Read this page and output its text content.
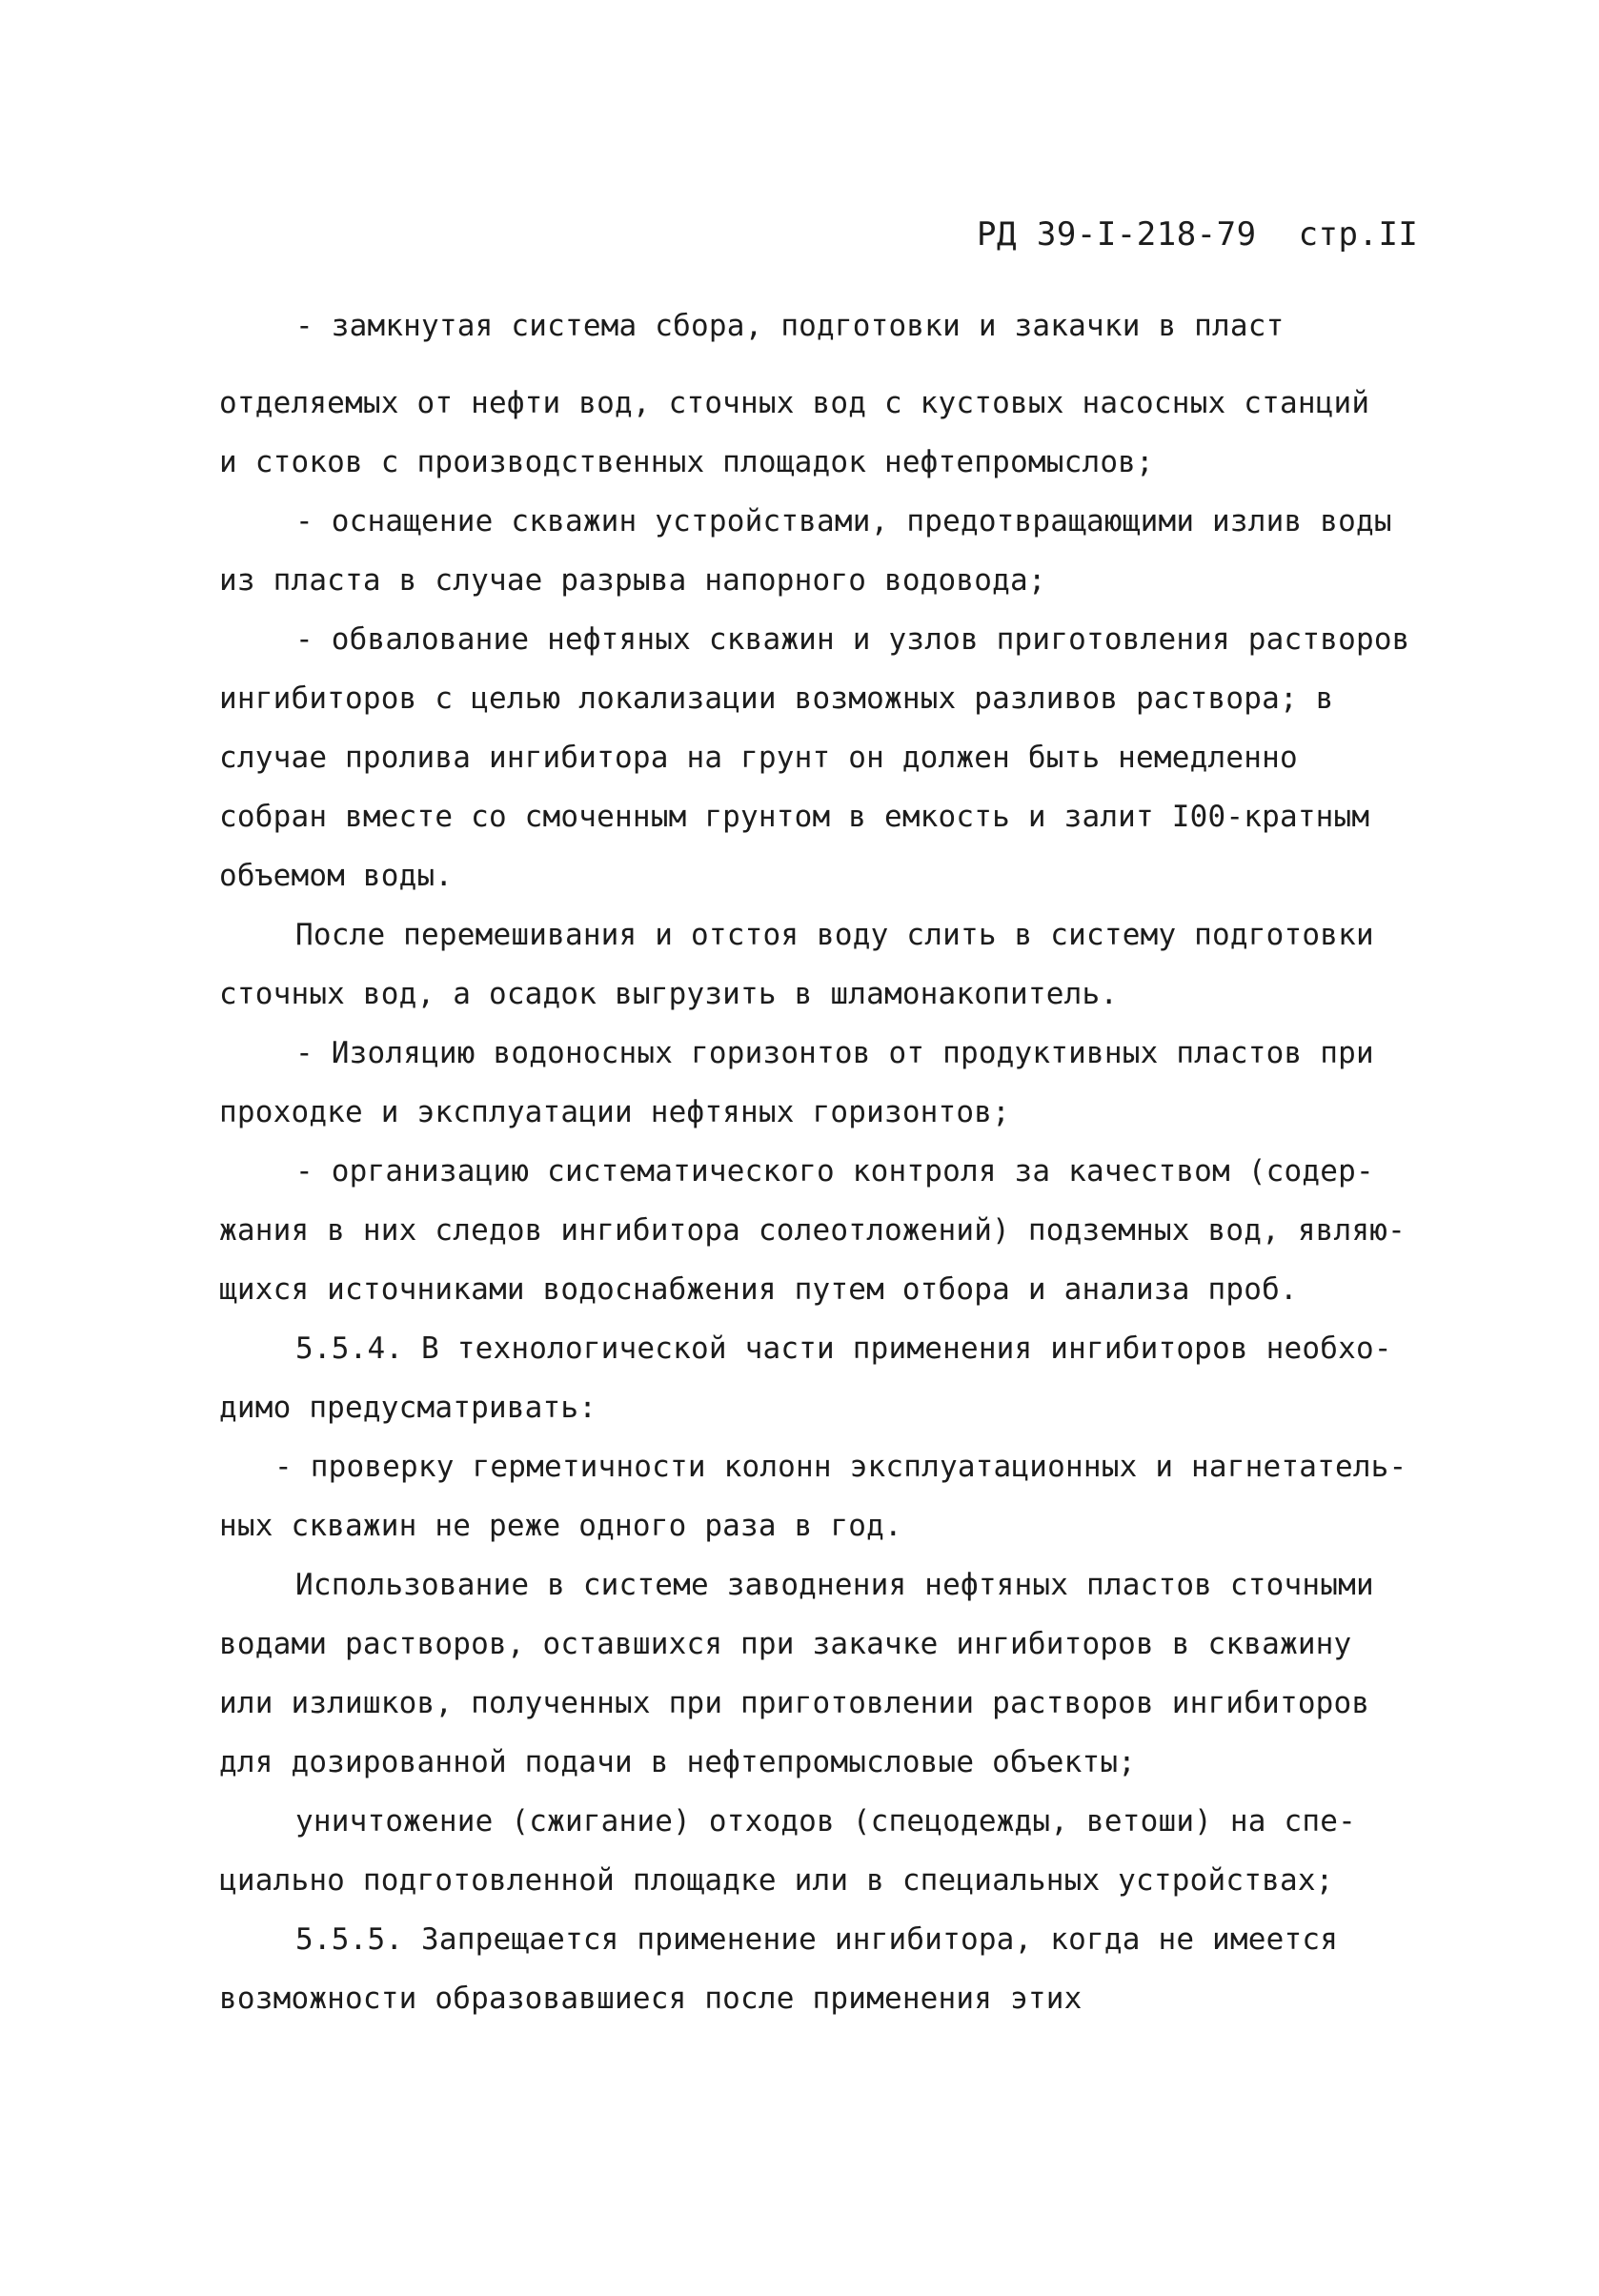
РД 39-І-218-79 стр.II
- замкнутая система сбора, подготовки и закачки в пласт
отделяемых от нефти вод, сточных вод с кустовых насосных станций
и стоков с производственных площадок нефтепромыслов;
- оснащение скважин устройствами, предотвращающими излив воды
из пласта в случае разрыва напорного водовода;
- обвалование нефтяных скважин и узлов приготовления растворов
ингибиторов с целью локализации возможных разливов раствора; в
случае пролива ингибитора на грунт он должен быть немедленно
собран вместе со смоченным грунтом в емкость и залит І00-кратным
объемом воды.
После перемешивания и отстоя воду слить в систему подготовки
сточных вод, а осадок выгрузить в шламонакопитель.
- Изоляцию водоносных горизонтов от продуктивных пластов при
проходке и эксплуатации нефтяных горизонтов;
- организацию систематического контроля за качеством (содер-
жания в них следов ингибитора солеотложений) подземных вод, являю-
щихся источниками водоснабжения путем отбора и анализа проб.
5.5.4. В технологической части применения ингибиторов необхо-
димо предусматривать:
- проверку герметичности колонн эксплуатационных и нагнетатель-
ных скважин не реже одного раза в год.
Использование в системе заводнения нефтяных пластов сточными
водами растворов, оставшихся при закачке ингибиторов в скважину
или излишков, полученных при приготовлении растворов ингибиторов
для дозированной подачи в нефтепромысловые объекты;
уничтожение (сжигание) отходов (спецодежды, ветоши) на спе-
циально подготовленной площадке или в специальных устройствах;
5.5.5. Запрещается применение ингибитора, когда не имеется
возможности образовавшиеся после применения этих
